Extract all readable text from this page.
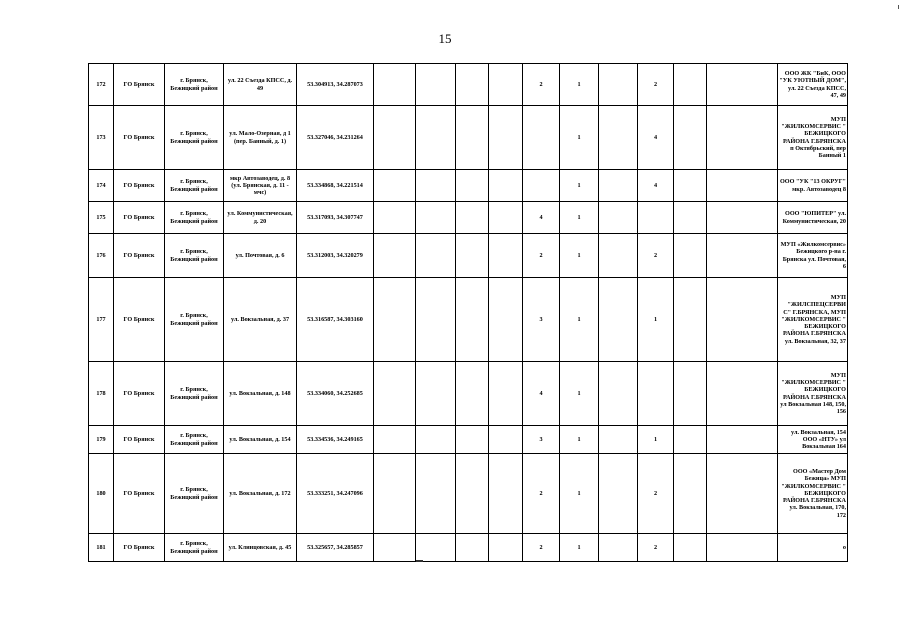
15
172	ГО Брянск	г. Брянск, Бежицкий район	ул. 22 Съезда КПСС, д. 49	53.304913, 34.287073					2	1		2			ООО ЖК "БиК, ООО "УК УЮТНЫЙ ДОМ", ул. 22 Съезда КПСС, 47, 49
173	ГО Брянск	г. Брянск, Бежицкий район	ул. Мало-Озерная, д 1 (пер. Банный, д. 1)	53.327046, 34.231264						1		4			МУП "ЖИЛКОМСЕРВИС " БЕЖИЦКОГО РАЙОНА Г.БРЯНСКА п Октябрьский, пер Банный 1
174	ГО Брянск	г. Брянск, Бежицкий район	мкр Автозаводец, д. 8 (ул. Брянская, д. 11 - мчс)	53.334868, 34.221514						1		4			ООО "УК "13 ОКРУГ" мкр. Автозаводец 8
175	ГО Брянск	г. Брянск, Бежицкий район	ул. Коммунистическая, д. 20	53.317093, 34.307747					4	1					ООО "ЮПИТЕР" ул. Коммунистическая, 20
176	ГО Брянск	г. Брянск, Бежицкий район	ул. Почтовая, д. 6	53.312003, 34.320279					2	1		2			МУП «Жилкомсервис» Бежицкого р-на г. Брянска ул. Почтовая, 6
177	ГО Брянск	г. Брянск, Бежицкий район	ул. Вокзальная, д. 37	53.316587, 34.303160					3	1		1			МУП "ЖИЛСПЕЦСЕРВИ С" Г.БРЯНСКА, МУП "ЖИЛКОМСЕРВИС " БЕЖИЦКОГО РАЙОНА Г.БРЯНСКА ул. Вокзальная, 32, 37
178	ГО Брянск	г. Брянск, Бежицкий район	ул. Вокзальная, д. 148	53.334060, 34.252685					4	1					МУП "ЖИЛКОМСЕРВИС " БЕЖИЦКОГО РАЙОНА Г.БРЯНСКА ул Вокзальная 148, 150, 156
179	ГО Брянск	г. Брянск, Бежицкий район	ул. Вокзальная, д. 154	53.334536, 34.249165					3	1		1			ул. Вокзальная, 154 ООО «НТУ» ул Вокзальная 164
180	ГО Брянск	г. Брянск, Бежицкий район	ул. Вокзальная, д. 172	53.333251, 34.247096					2	1		2			ООО «Мастер Дом Бежица» МУП "ЖИЛКОМСЕРВИС " БЕЖИЦКОГО РАЙОНА Г.БРЯНСКА ул. Вокзальная, 170, 172
181	ГО Брянск	г. Брянск, Бежицкий район	ул. Клинцовская, д. 45	53.325657, 34.285857					2	1		2			о
